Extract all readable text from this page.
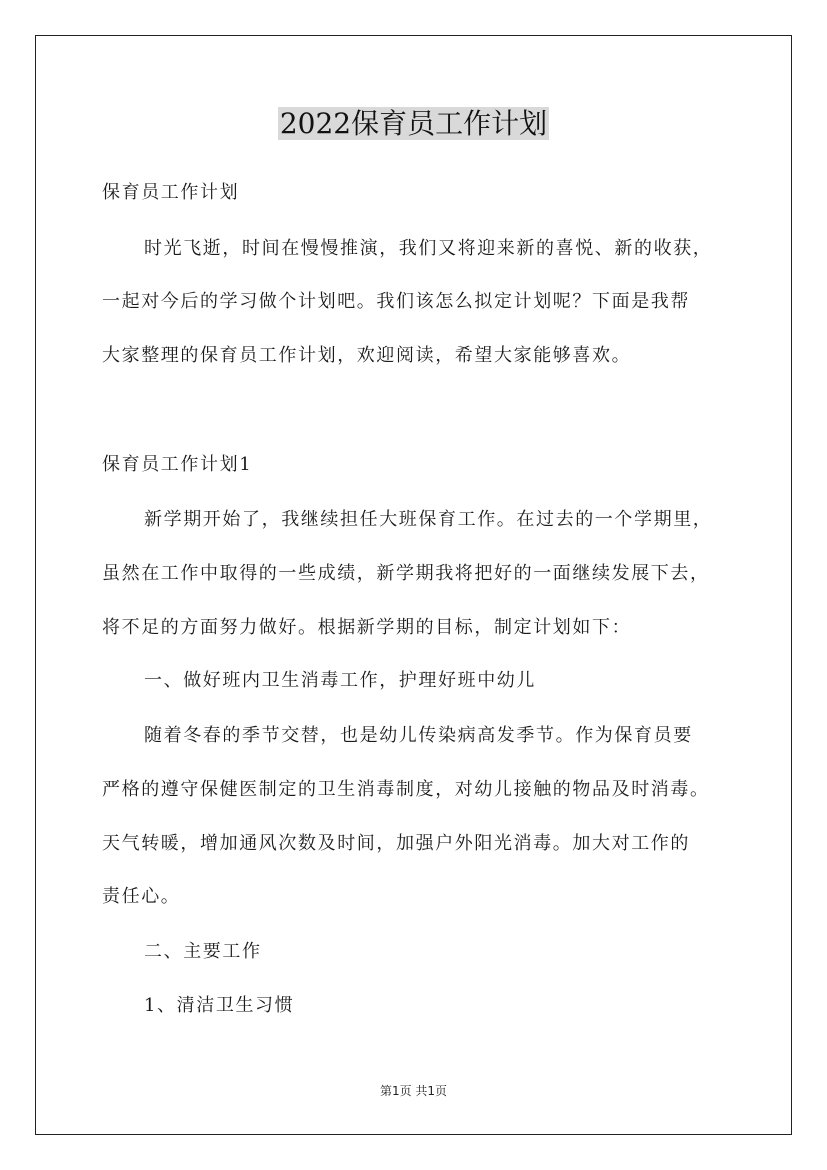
2022保育员工作计划

保育员工作计划

时光飞逝，时间在慢慢推演，我们又将迎来新的喜悦、新的收获，

一起对今后的学习做个计划吧。我们该怎么拟定计划呢？下面是我帮

大家整理的保育员工作计划，欢迎阅读，希望大家能够喜欢。

保育员工作计划1

新学期开始了，我继续担任大班保育工作。在过去的一个学期里，

虽然在工作中取得的一些成绩，新学期我将把好的一面继续发展下去，

将不足的方面努力做好。根据新学期的目标，制定计划如下：

一、做好班内卫生消毒工作，护理好班中幼儿

随着冬春的季节交替，也是幼儿传染病高发季节。作为保育员要

严格的遵守保健医制定的卫生消毒制度，对幼儿接触的物品及时消毒。

天气转暖，增加通风次数及时间，加强户外阳光消毒。加大对工作的

责任心。

二、主要工作

1、清洁卫生习惯

第1页 共1页
